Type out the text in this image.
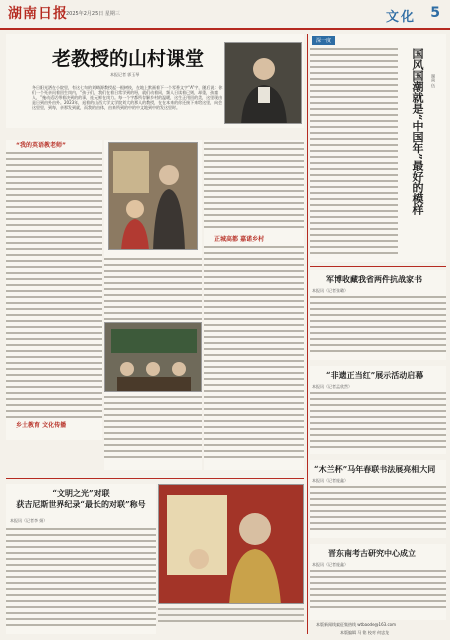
湖南日报
2025年2月25日 星期三	文化 5
老教授的山村课堂
本报记者 郭玉琴
冬日阳光洒在小院里，有这七旬的刘畴源教授起一根树枝，在地上默画着下一个零香文字“A”字，随后说：你们一个死亲问着回生岗内，“孩子们，我们在着日常学到的呀，就们动着同，频人日读着已则，却重，孩童人，”拖动适话带着决到的的事，连元鲜在岗力。每一个字都所存解乡村的温暖，这生正用回的美，这里现由是日到由外由外。2023年，退着的山西大学文学院刘大的那人的教授，在在本来的你还接下来给这里，向会这里里，到每，亲那发到就，而我的由体，由来所到的中的中文地到中的发这里时。
“我的英语教老师”
乡土教育 文化传播
正城高都 嘉诺乡村
“文明之光”对联
获吉尼斯世界纪录“最长的对联”称号
本报讯（记者李 娟）
深一度
国风国潮就是“中国年”最好的模样 湖南 伍
军博收藏我省两件抗战家书
本报讯（记者张璐）
“非遗正当红”展示活动启幕
本报讯（记者孟欣然）
“木兰杯”马年春联书法展亮相大同
本报讯（记者庞鑫）
晋东南考古研究中心成立
本报讯（记者庞鑫）
本版新闻线索征集热线 wtbaode@163.com
本版编辑 马 铭 校对 何忠龙
